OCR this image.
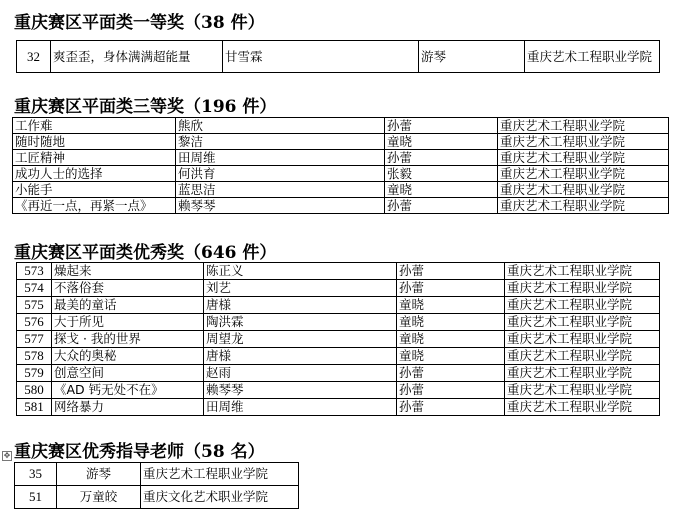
重庆赛区平面类一等奖（38 件）
32	爽歪歪，身体满满超能量	甘雪霖	游琴	重庆艺术工程职业学院
重庆赛区平面类三等奖（196 件）
工作难	熊欣	孙蕾	重庆艺术工程职业学院
随时随地	黎洁	童晓	重庆艺术工程职业学院
工匠精神	田周维	孙蕾	重庆艺术工程职业学院
成功人士的选择	何洪育	张毅	重庆艺术工程职业学院
小能手	蓝思洁	童晓	重庆艺术工程职业学院
《再近一点，再紧一点》	赖琴琴	孙蕾	重庆艺术工程职业学院
重庆赛区平面类优秀奖（646 件）
573	燥起来	陈正义	孙蕾	重庆艺术工程职业学院
574	不落俗套	刘艺	孙蕾	重庆艺术工程职业学院
575	最美的童话	唐様	童晓	重庆艺术工程职业学院
576	大于所见	陶洪霖	童晓	重庆艺术工程职业学院
577	探戈 · 我的世界	周望龙	童晓	重庆艺术工程职业学院
578	大众的奥秘	唐様	童晓	重庆艺术工程职业学院
579	创意空间	赵雨	孙蕾	重庆艺术工程职业学院
580	《AD 钙无处不在》	赖琴琴	孙蕾	重庆艺术工程职业学院
581	网络暴力	田周维	孙蕾	重庆艺术工程职业学院
重庆赛区优秀指导老师（58 名）
✥
35	游琴	重庆艺术工程职业学院
51	万童皎	重庆文化艺术职业学院
